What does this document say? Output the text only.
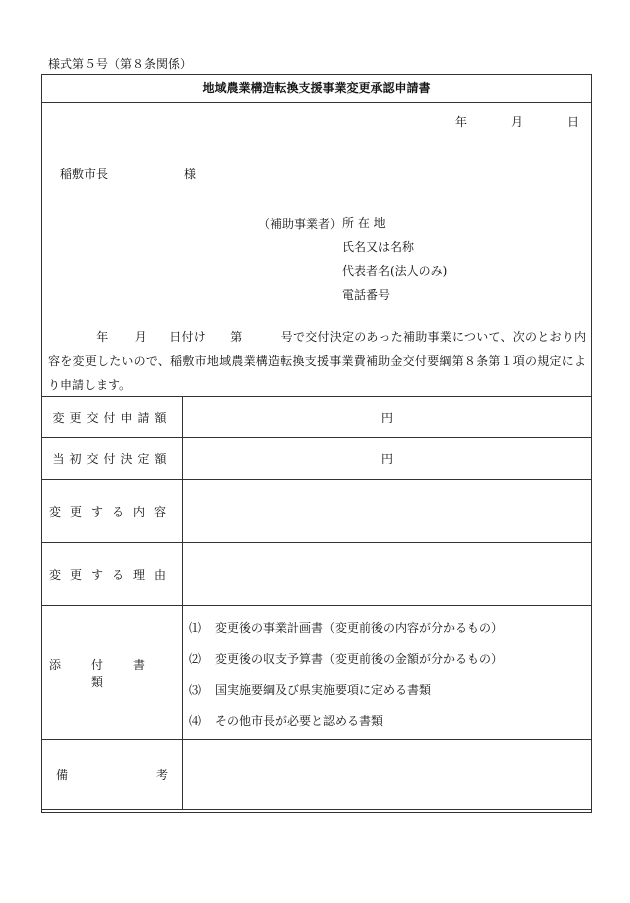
様式第５号（第８条関係）
地域農業構造転換支援事業変更承認申請書
年	月	日
稲敷市長	様
（補助事業者） 所 在 地
氏名又は名称
代表者名(法人のみ)
電話番号
年 月 日付け 第	号で交付決定のあった補助事業について、次のとおり内容を変更したいので、稲敷市地域農業構造転換支援事業費補助金交付要綱第８条第１項の規定により申請します。
変更交付申請額	円
当初交付決定額	円
変更する内容	
変更する理由	
添付書類	⑴ 変更後の事業計画書（変更前後の内容が分かるもの）
⑵ 変更後の収支予算書（変更前後の金額が分かるもの）
⑶ 国実施要綱及び県実施要項に定める書類
⑷ その他市長が必要と認める書類

備 考	
